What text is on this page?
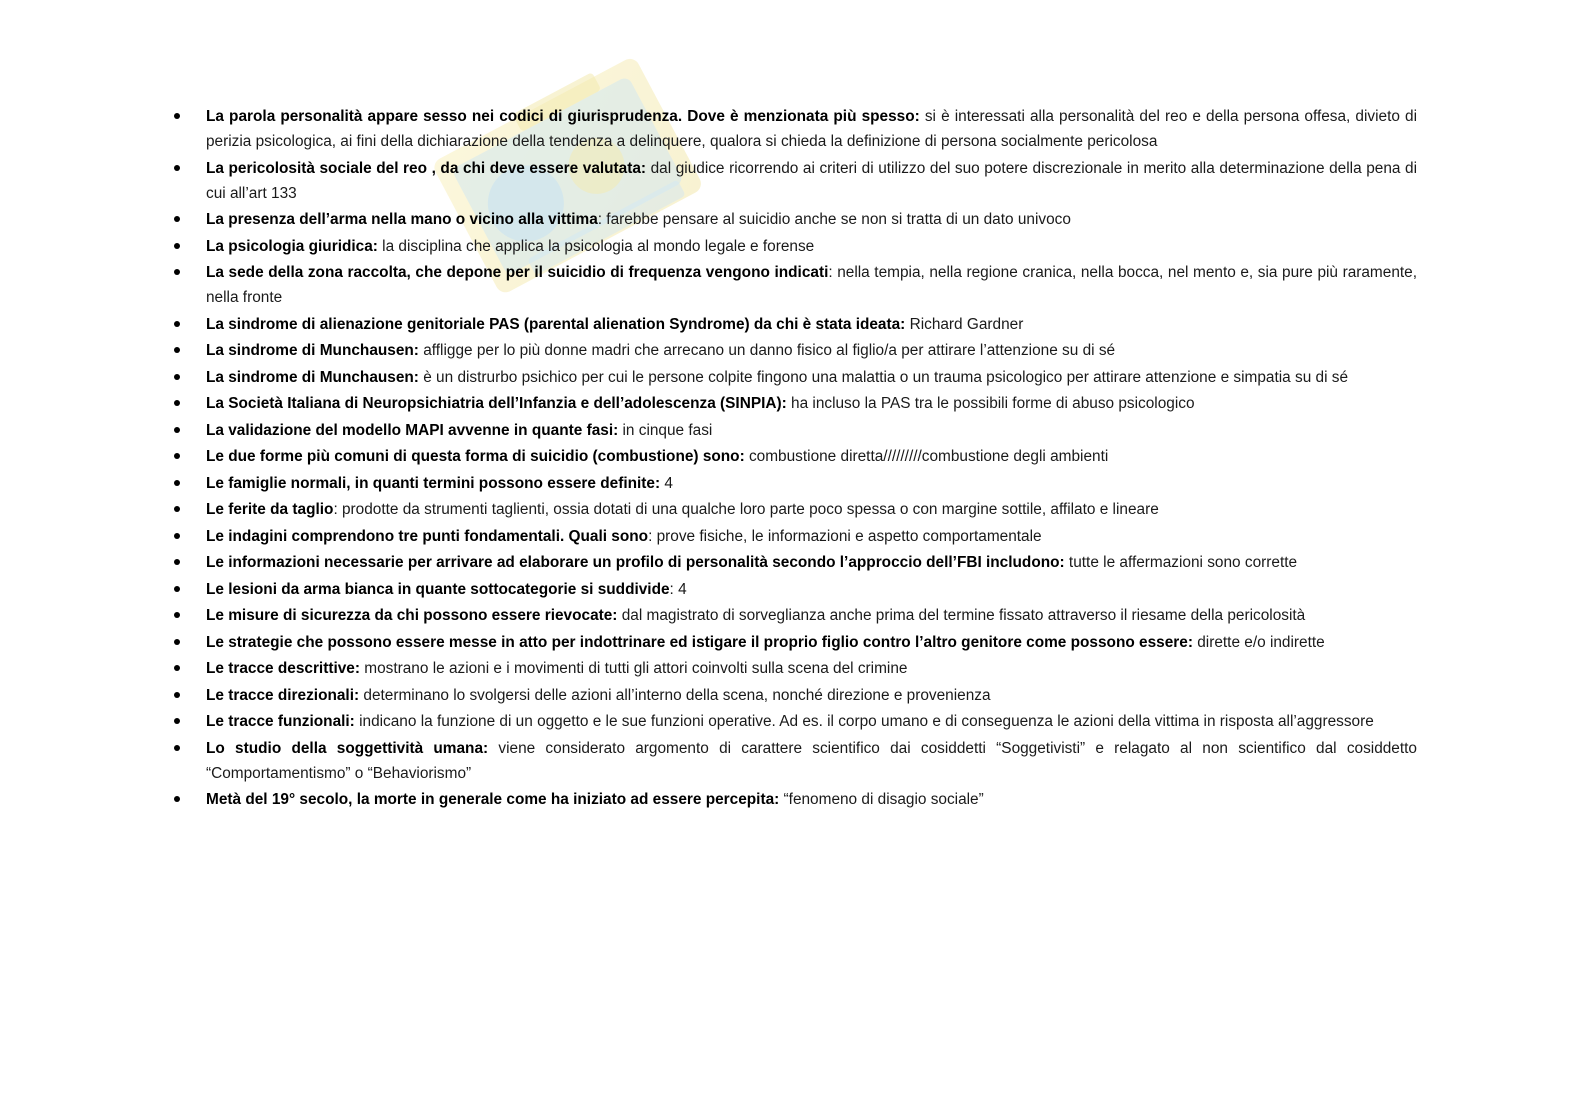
La parola personalità appare sesso nei codici di giurisprudenza. Dove è menzionata più spesso: si è interessati alla personalità del reo e della persona offesa, divieto di perizia psicologica, ai fini della dichiarazione della tendenza a delinquere, qualora si chieda la definizione di persona socialmente pericolosa
La pericolosità sociale del reo , da chi deve essere valutata: dal giudice ricorrendo ai criteri di utilizzo del suo potere discrezionale in merito alla determinazione della pena di cui all’art 133
La presenza dell’arma nella mano o vicino alla vittima: farebbe pensare al suicidio anche se non si tratta di un dato univoco
La psicologia giuridica: la disciplina che applica la psicologia al mondo legale e forense
La sede della zona raccolta, che depone per il suicidio di frequenza vengono indicati: nella tempia, nella regione cranica, nella bocca, nel mento e, sia pure più raramente, nella fronte
La sindrome di alienazione genitoriale PAS (parental alienation Syndrome) da chi è stata ideata: Richard Gardner
La sindrome di Munchausen: affligge per lo più donne madri che arrecano un danno fisico al figlio/a per attirare l’attenzione su di sé
La sindrome di Munchausen: è un distrurbo psichico per cui le persone colpite fingono una malattia o un trauma psicologico per attirare attenzione e simpatia su di sé
La Società Italiana di Neuropsichiatria dell’Infanzia e dell’adolescenza (SINPIA): ha incluso la PAS tra le possibili forme di abuso psicologico
La validazione del modello MAPI avvenne in quante fasi: in cinque fasi
Le due forme più comuni di questa forma di suicidio (combustione) sono: combustione diretta/////////combustione degli ambienti
Le famiglie normali, in quanti termini possono essere definite: 4
Le ferite da taglio: prodotte da strumenti taglienti, ossia dotati di una qualche loro parte poco spessa o con margine sottile, affilato e lineare
Le indagini comprendono tre punti fondamentali. Quali sono: prove fisiche, le informazioni e aspetto comportamentale
Le informazioni necessarie per arrivare ad elaborare un profilo di personalità secondo l’approccio dell’FBI includono: tutte le affermazioni sono corrette
Le lesioni da arma bianca in quante sottocategorie si suddivide: 4
Le misure di sicurezza da chi possono essere rievocate: dal magistrato di sorveglianza anche prima del termine fissato attraverso il riesame della pericolosità
Le strategie che possono essere messe in atto per indottrinare ed istigare il proprio figlio contro l’altro genitore come possono essere: dirette e/o indirette
Le tracce descrittive: mostrano le azioni e i movimenti di tutti gli attori coinvolti sulla scena del crimine
Le tracce direzionali: determinano lo svolgersi delle azioni all’interno della scena, nonché direzione e provenienza
Le tracce funzionali: indicano la funzione di un oggetto e le sue funzioni operative. Ad es. il corpo umano e di conseguenza le azioni della vittima in risposta all’aggressore
Lo studio della soggettività umana: viene considerato argomento di carattere scientifico dai cosiddetti “Soggetivisti” e relagato al non scientifico dal cosiddetto “Comportamentismo” o “Behaviorismo”
Metà del 19° secolo, la morte in generale come ha iniziato ad essere percepita: “fenomeno di disagio sociale”
